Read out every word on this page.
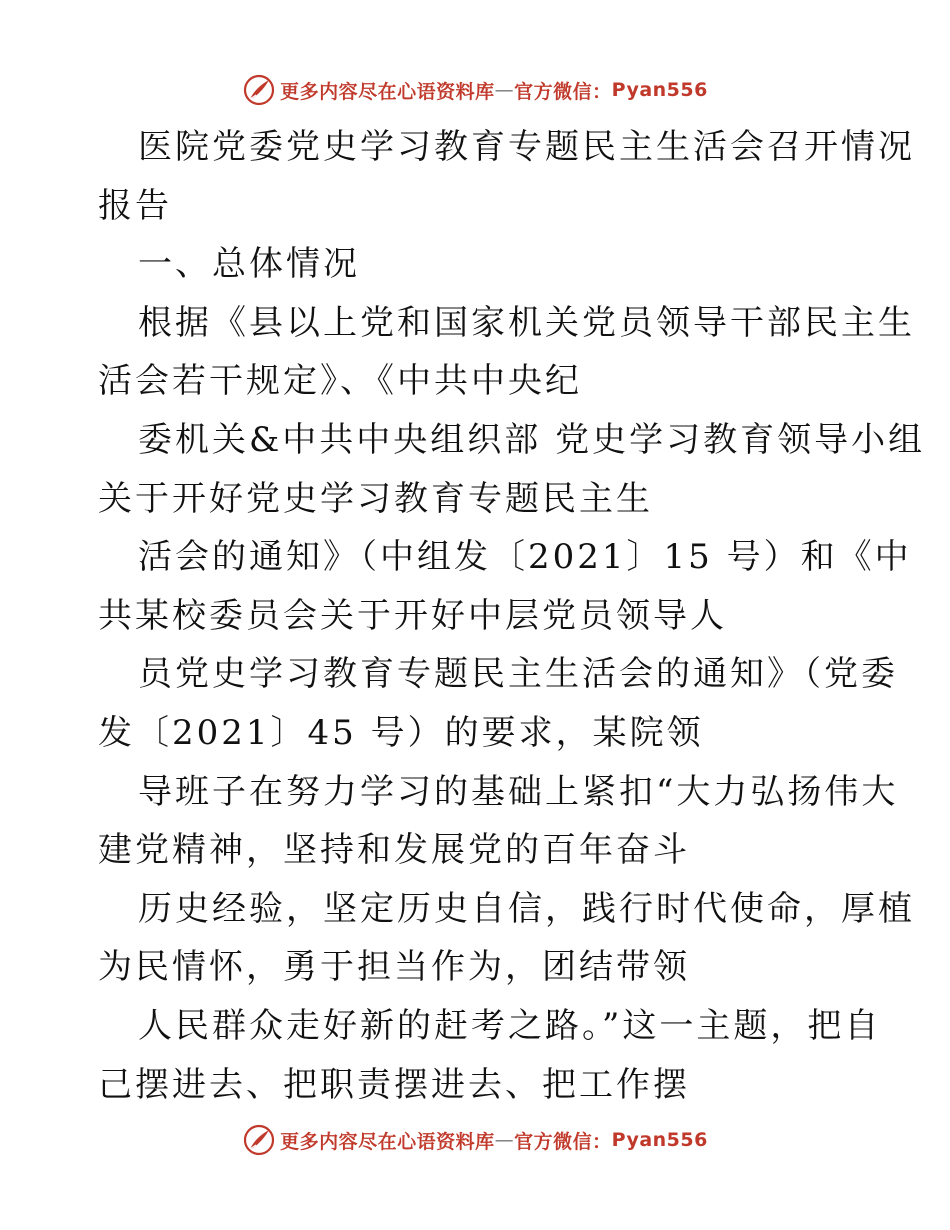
更多内容尽在心语资料库 — 官方微信： Pyan556
医院党委党史学习教育专题民主生活会召开情况
报告
一、总体情况
根据《县以上党和国家机关党员领导干部民主生
活会若干规定》、《中共中央纪
委机关&中共中央组织部 党史学习教育领导小组
关于开好党史学习教育专题民主生
活会的通知》（中组发〔2021〕15 号）和《中
共某校委员会关于开好中层党员领导人
员党史学习教育专题民主生活会的通知》（党委
发〔2021〕45 号）的要求，某院领
导班子在努力学习的基础上紧扣“大力弘扬伟大
建党精神，坚持和发展党的百年奋斗
历史经验，坚定历史自信，践行时代使命，厚植
为民情怀，勇于担当作为，团结带领
人民群众走好新的赶考之路。”这一主题，把自
己摆进去、把职责摆进去、把工作摆
更多内容尽在心语资料库 — 官方微信： Pyan556
